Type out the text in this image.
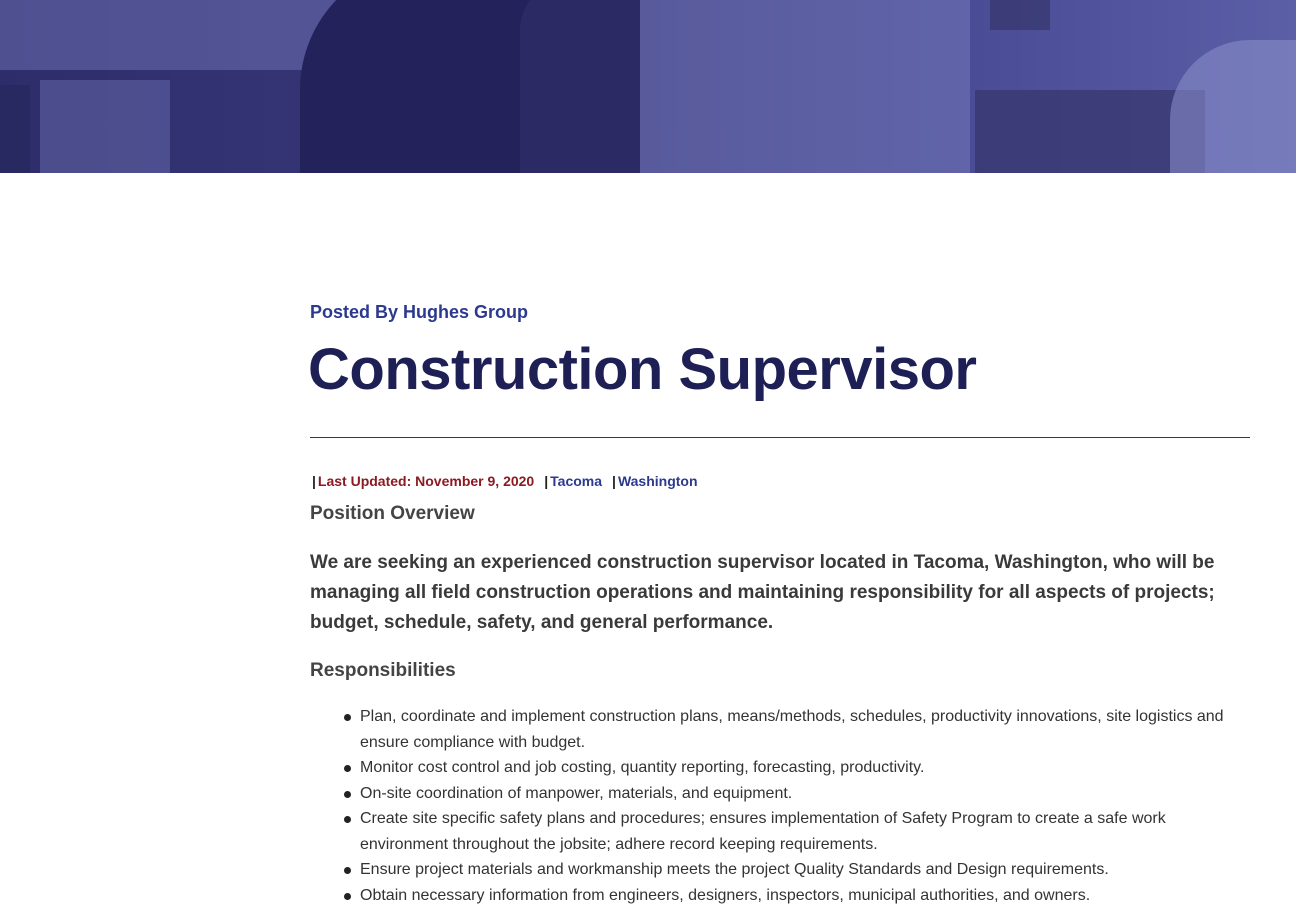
Posted By Hughes Group

Construction Supervisor
| Last Updated: November 9, 2020 | Tacoma | Washington
Position Overview

We are seeking an experienced construction supervisor located in Tacoma, Washington, who will be managing all field construction operations and maintaining responsibility for all aspects of projects; budget, schedule, safety, and general performance.

Responsibilities
Plan, coordinate and implement construction plans, means/methods, schedules, productivity innovations, site logistics and ensure compliance with budget.
Monitor cost control and job costing, quantity reporting, forecasting, productivity.
On-site coordination of manpower, materials, and equipment.
Create site specific safety plans and procedures; ensures implementation of Safety Program to create a safe work environment throughout the jobsite; adhere record keeping requirements.
Ensure project materials and workmanship meets the project Quality Standards and Design requirements.
Obtain necessary information from engineers, designers, inspectors, municipal authorities, and owners.
